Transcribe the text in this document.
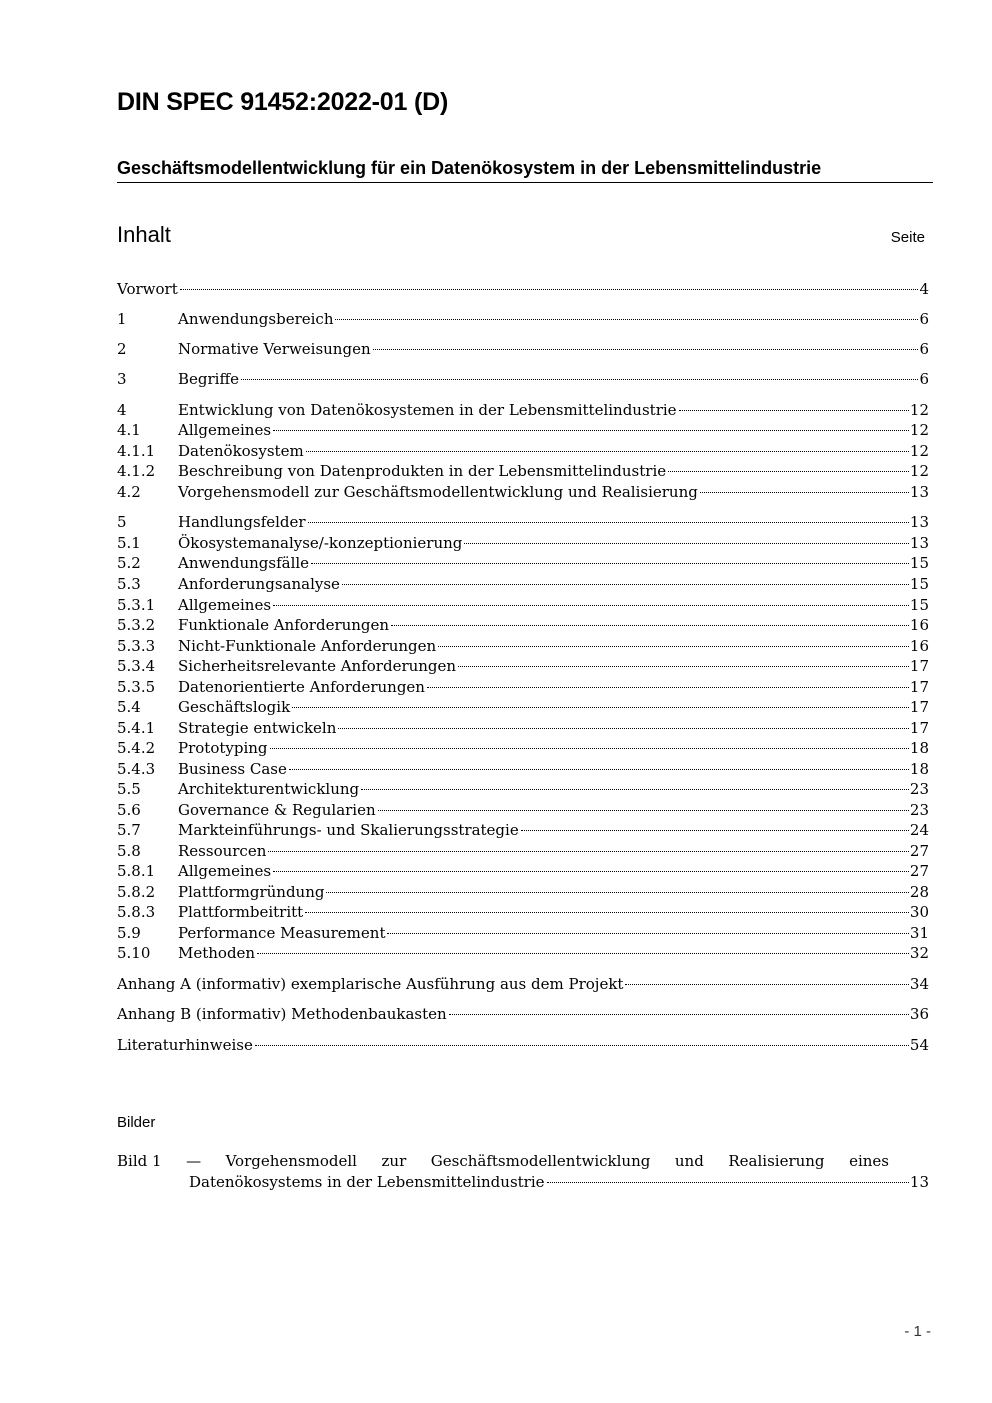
DIN SPEC 91452:2022-01 (D)
Geschäftsmodellentwicklung für ein Datenökosystem in der Lebensmittelindustrie
Inhalt	Seite
Vorwort	4
1	Anwendungsbereich	6
2	Normative Verweisungen	6
3	Begriffe	6
4	Entwicklung von Datenökosystemen in der Lebensmittelindustrie	12
4.1	Allgemeines	12
4.1.1	Datenökosystem	12
4.1.2	Beschreibung von Datenprodukten in der Lebensmittelindustrie	12
4.2	Vorgehensmodell zur Geschäftsmodellentwicklung und Realisierung	13
5	Handlungsfelder	13
5.1	Ökosystemanalyse/-konzeptionierung	13
5.2	Anwendungsfälle	15
5.3	Anforderungsanalyse	15
5.3.1	Allgemeines	15
5.3.2	Funktionale Anforderungen	16
5.3.3	Nicht-Funktionale Anforderungen	16
5.3.4	Sicherheitsrelevante Anforderungen	17
5.3.5	Datenorientierte Anforderungen	17
5.4	Geschäftslogik	17
5.4.1	Strategie entwickeln	17
5.4.2	Prototyping	18
5.4.3	Business Case	18
5.5	Architekturentwicklung	23
5.6	Governance & Regularien	23
5.7	Markteinführungs- und Skalierungsstrategie	24
5.8	Ressourcen	27
5.8.1	Allgemeines	27
5.8.2	Plattformgründung	28
5.8.3	Plattformbeitritt	30
5.9	Performance Measurement	31
5.10	Methoden	32
Anhang A (informativ) exemplarische Ausführung aus dem Projekt	34
Anhang B (informativ) Methodenbaukasten	36
Literaturhinweise	54
Bilder
Bild 1 — Vorgehensmodell zur Geschäftsmodellentwicklung und Realisierung eines
Datenökosystems in der Lebensmittelindustrie	13
- 1 -
